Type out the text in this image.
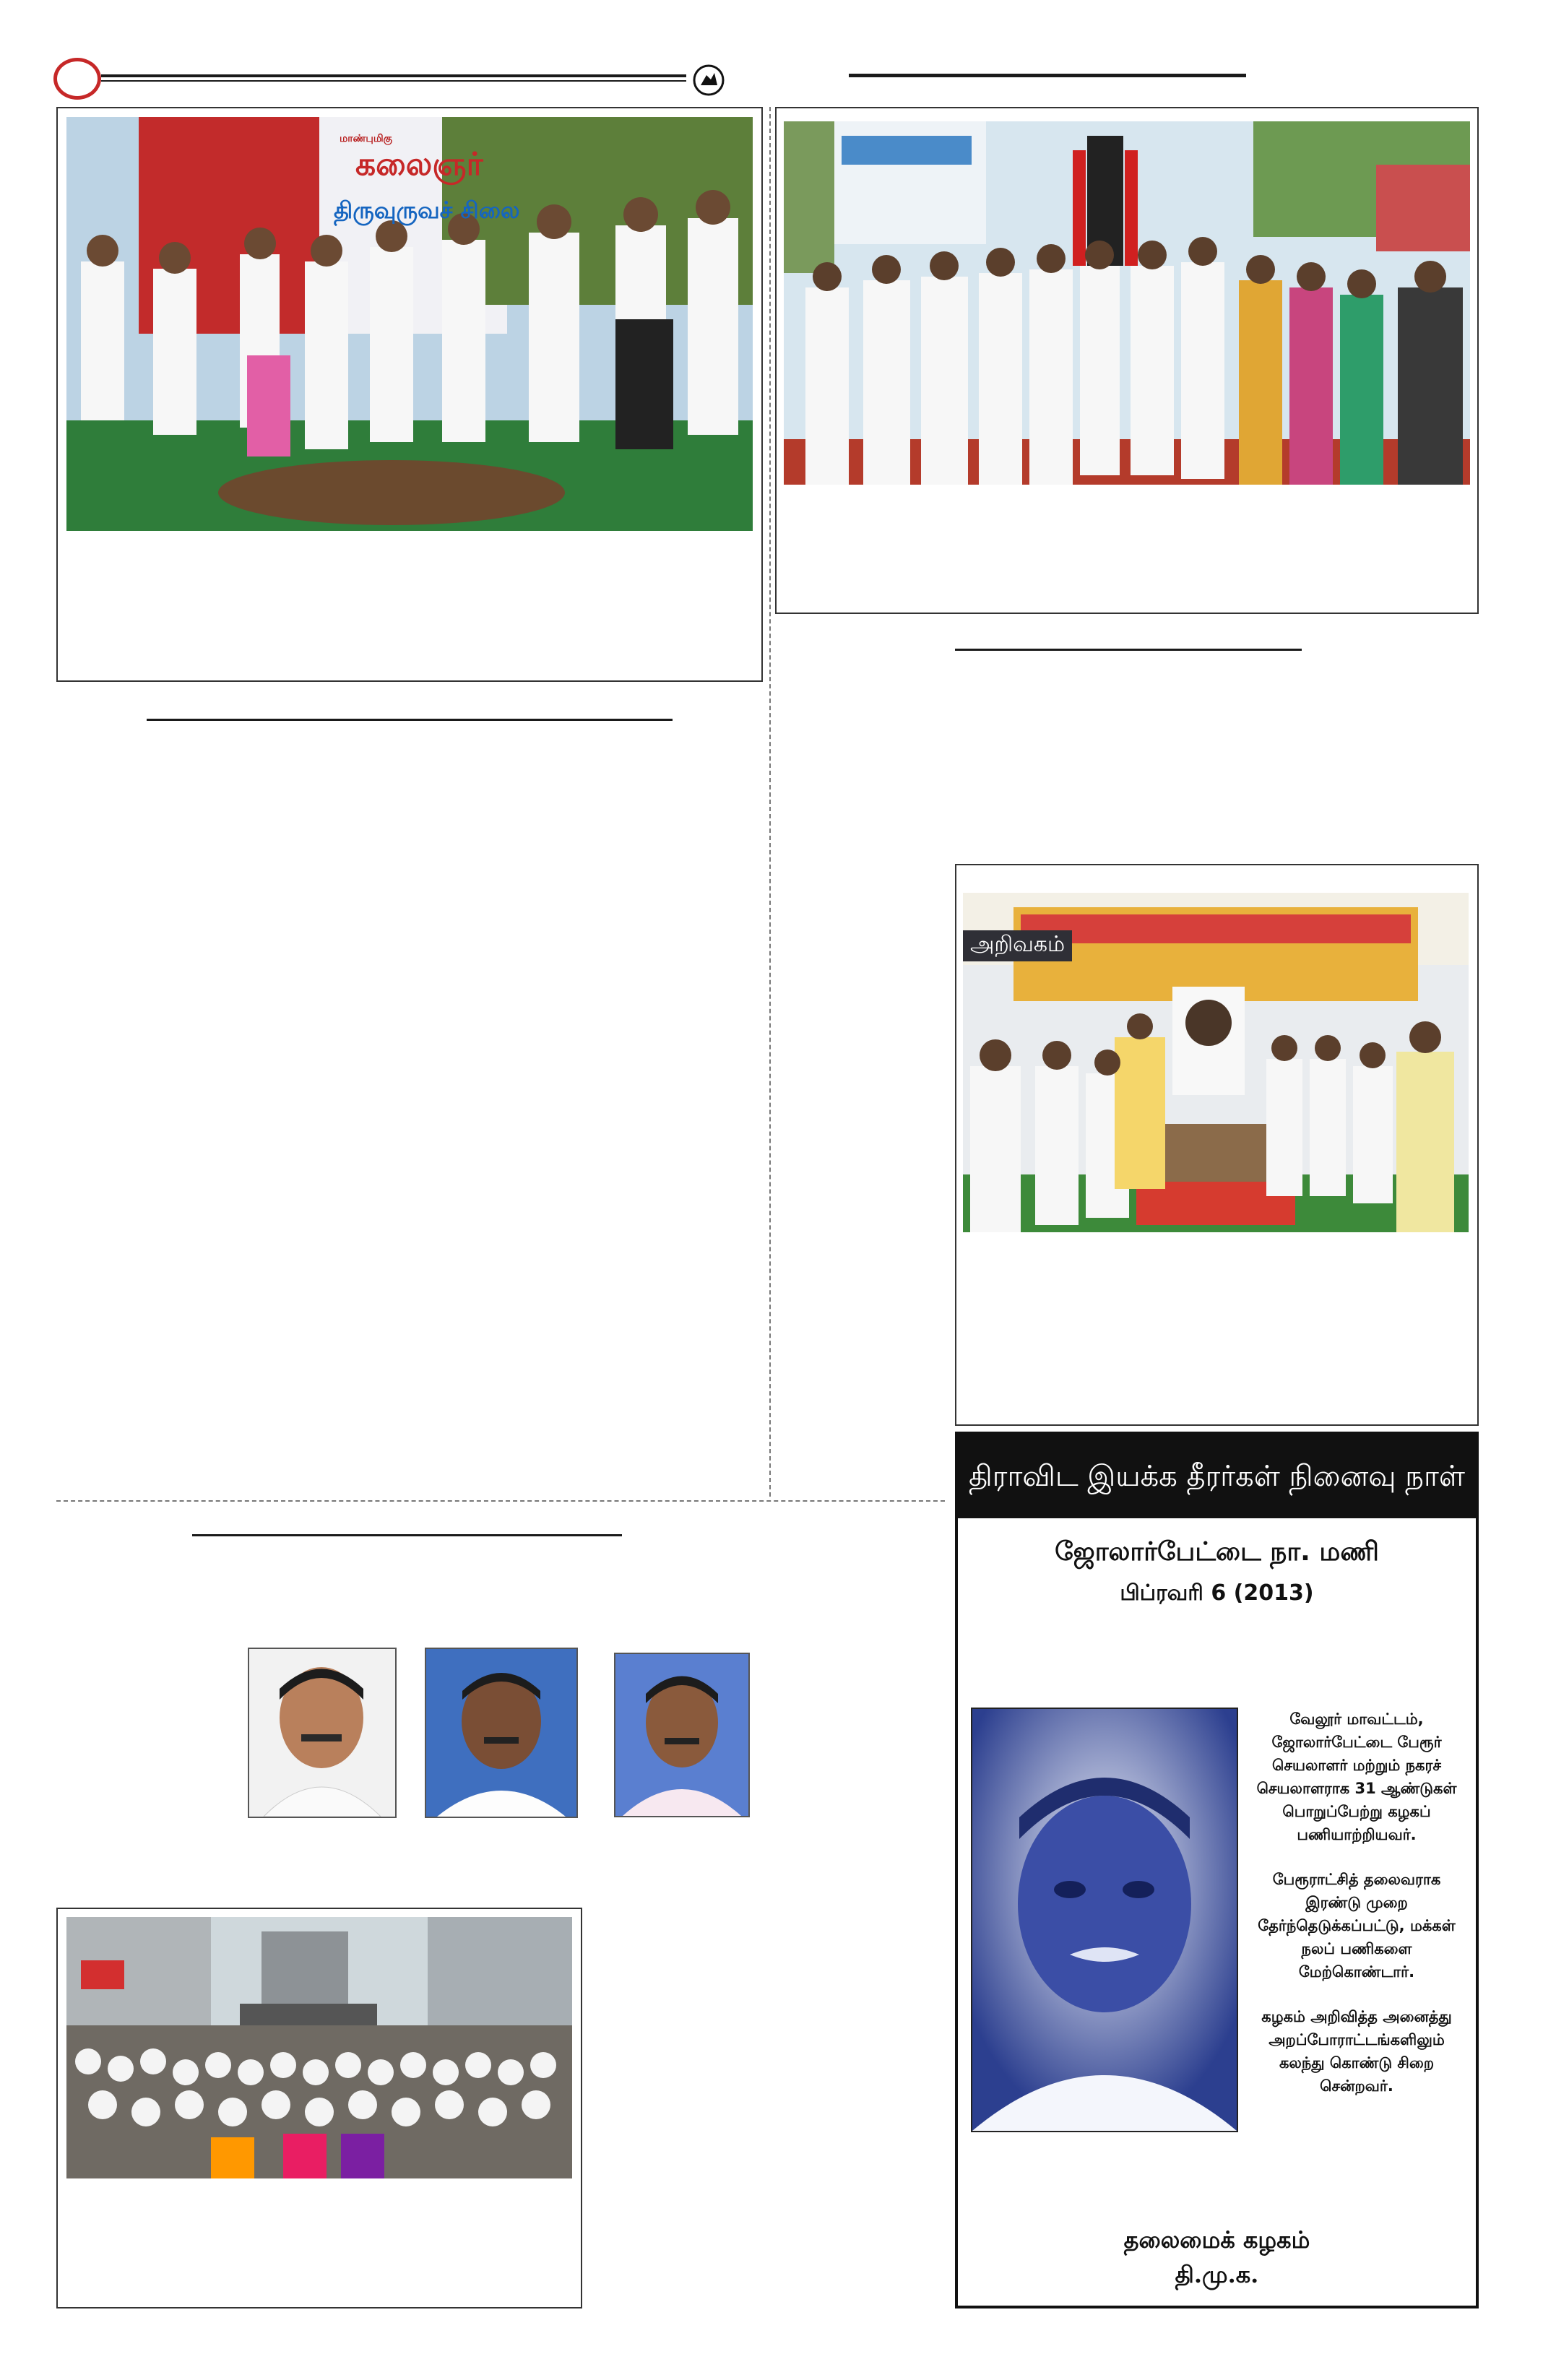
மாண்புமிகு
கலைஞர்
திருவுருவச் சிலை
அறிவகம்
திராவிட இயக்க தீரர்கள் நினைவு நாள்
ஜோலார்பேட்டை நா. மணி
பிப்ரவரி 6 (2013)

வேலூர் மாவட்டம், ஜோலார்பேட்டை பேரூர் செயலாளர் மற்றும் நகரச் செயலாளராக 31 ஆண்டுகள் பொறுப்பேற்று கழகப் பணியாற்றியவர்.

பேரூராட்சித் தலைவராக இரண்டு முறை தேர்ந்தெடுக்கப்பட்டு, மக்கள் நலப் பணிகளை மேற்கொண்டார்.

கழகம் அறிவித்த அனைத்து அறப்போராட்டங்களிலும் கலந்து கொண்டு சிறை சென்றவர்.

தலைமைக் கழகம்
தி.மு.க.
